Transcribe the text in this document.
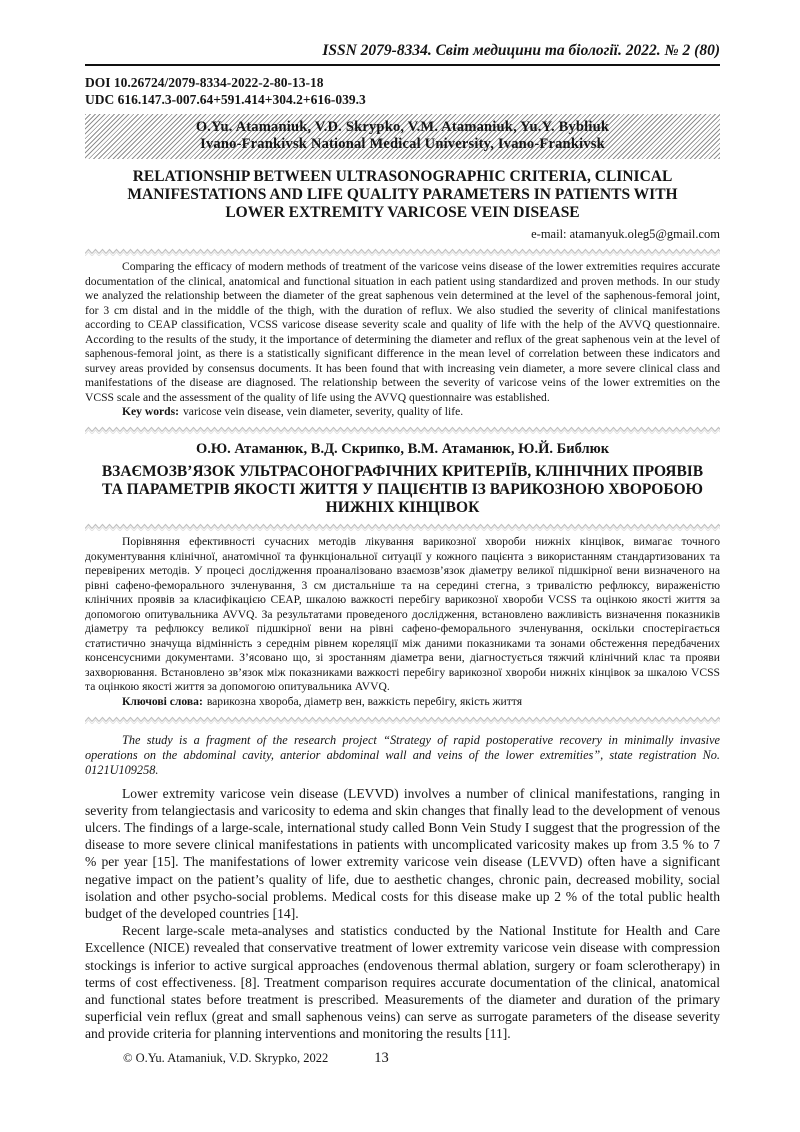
ISSN 2079-8334. Світ медицини та біології. 2022. № 2 (80)
DOI 10.26724/2079-8334-2022-2-80-13-18
UDC 616.147.3-007.64+591.414+304.2+616-039.3
O.Yu. Atamaniuk, V.D. Skrypko, V.M. Atamaniuk, Yu.Y. Bybliuk
Ivano-Frankivsk National Medical University, Ivano-Frankivsk
RELATIONSHIP BETWEEN ULTRASONOGRAPHIC CRITERIA, CLINICAL MANIFESTATIONS AND LIFE QUALITY PARAMETERS IN PATIENTS WITH LOWER EXTREMITY VARICOSE VEIN DISEASE
e-mail: atamanyuk.oleg5@gmail.com

Comparing the efficacy of modern methods of treatment of the varicose veins disease of the lower extremities requires accurate documentation of the clinical, anatomical and functional situation in each patient using standardized and proven methods. In our study we analyzed the relationship between the diameter of the great saphenous vein determined at the level of the saphenous-femoral joint, for 3 cm distal and in the middle of the thigh, with the duration of reflux. We also studied the severity of clinical manifestations according to CEAP classification, VCSS varicose disease severity scale and quality of life with the help of the AVVQ questionnaire. According to the results of the study, it the importance of determining the diameter and reflux of the great saphenous vein at the level of saphenous-femoral joint, as there is a statistically significant difference in the mean level of correlation between these indicators and survey areas provided by consensus documents. It has been found that with increasing vein diameter, a more severe clinical class and manifestations of the disease are diagnosed. The relationship between the severity of varicose veins of the lower extremities on the VCSS scale and the assessment of the quality of life using the AVVQ questionnaire was established.

Key words: varicose vein disease, vein diameter, severity, quality of life.

О.Ю. Атаманюк, В.Д. Скрипко, В.М. Атаманюк, Ю.Й. Библюк
ВЗАЄМОЗВ’ЯЗОК УЛЬТРАСОНОГРАФІЧНИХ КРИТЕРІЇВ, КЛІНІЧНИХ ПРОЯВІВ ТА ПАРАМЕТРІВ ЯКОСТІ ЖИТТЯ У ПАЦІЄНТІВ ІЗ ВАРИКОЗНОЮ ХВОРОБОЮ НИЖНІХ КІНЦІВОК

Порівняння ефективності сучасних методів лікування варикозної хвороби нижніх кінцівок, вимагає точного документування клінічної, анатомічної та функціональної ситуації у кожного пацієнта з використанням стандартизованих та перевірених методів. У процесі дослідження проаналізовано взаємозв’язок діаметру великої підшкірної вени визначеного на рівні сафено-феморального зчленування, 3 см дистальніше та на середині стегна, з тривалістю рефлюксу, вираженістю клінічних проявів за класифікацією CEAP, шкалою важкості перебігу варикозної хвороби VCSS та оцінкою якості життя за допомогою опитувальника AVVQ. За результатами проведеного дослідження, встановлено важливість визначення показників діаметру та рефлюксу великої підшкірної вени на рівні сафено-феморального зчленування, оскільки спостерігається статистично значуща відмінність з середнім рівнем кореляції між даними показниками та зонами обстеження передбачених консенсусними документами. З’ясовано що, зі зростанням діаметра вени, діагностується тяжчий клінічний клас та прояви захворювання. Встановлено зв’язок між показниками важкості перебігу варикозної хвороби нижніх кінцівок за шкалою VCSS та оцінкою якості життя за допомогою опитувальника AVVQ.

Ключові слова: варикозна хвороба, діаметр вен, важкість перебігу, якість життя

The study is a fragment of the research project “Strategy of rapid postoperative recovery in minimally invasive operations on the abdominal cavity, anterior abdominal wall and veins of the lower extremities”, state registration No. 0121U109258.

Lower extremity varicose vein disease (LEVVD) involves a number of clinical manifestations, ranging in severity from telangiectasis and varicosity to edema and skin changes that finally lead to the development of venous ulcers. The findings of a large-scale, international study called Bonn Vein Study I suggest that the progression of the disease to more severe clinical manifestations in patients with uncomplicated varicosity makes up from 3.5 % to 7 % per year [15]. The manifestations of lower extremity varicose vein disease (LEVVD) often have a significant negative impact on the patient’s quality of life, due to aesthetic changes, chronic pain, decreased mobility, social isolation and other psycho-social problems. Medical costs for this disease make up 2 % of the total public health budget of the developed countries [14].

Recent large-scale meta-analyses and statistics conducted by the National Institute for Health and Care Excellence (NICE) revealed that conservative treatment of lower extremity varicose vein disease with compression stockings is inferior to active surgical approaches (endovenous thermal ablation, surgery or foam sclerotherapy) in terms of cost effectiveness. [8]. Treatment comparison requires accurate documentation of the clinical, anatomical and functional states before treatment is prescribed. Measurements of the diameter and duration of the primary superficial vein reflux (great and small saphenous veins) can serve as surrogate parameters of the disease severity and provide criteria for planning interventions and monitoring the results [11].

© O.Yu. Atamaniuk, V.D. Skrypko, 2022	13
